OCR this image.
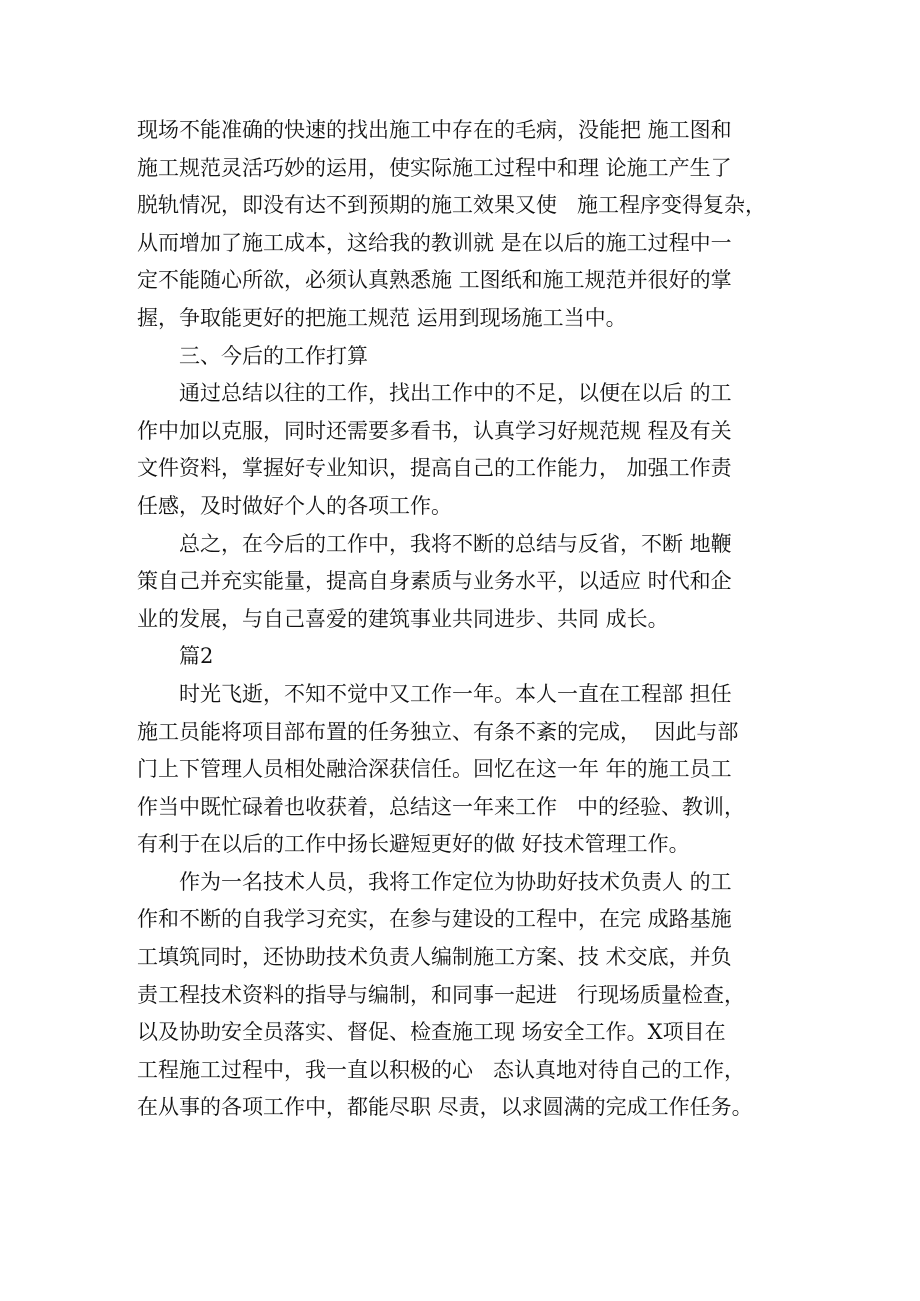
现场不能准确的快速的找出施工中存在的毛病，没能把 施工图和
施工规范灵活巧妙的运用，使实际施工过程中和理 论施工产生了
脱轨情况，即没有达不到预期的施工效果又使   施工程序变得复杂，
从而增加了施工成本，这给我的教训就 是在以后的施工过程中一
定不能随心所欲，必须认真熟悉施 工图纸和施工规范并很好的掌
握，争取能更好的把施工规范 运用到现场施工当中。
三、今后的工作打算
通过总结以往的工作，找出工作中的不足，以便在以后 的工
作中加以克服，同时还需要多看书，认真学习好规范规 程及有关
文件资料，掌握好专业知识，提高自己的工作能力， 加强工作责
任感，及时做好个人的各项工作。
总之，在今后的工作中，我将不断的总结与反省，不断 地鞭
策自己并充实能量，提高自身素质与业务水平，以适应 时代和企
业的发展，与自己喜爱的建筑事业共同进步、共同 成长。
篇2
时光飞逝，不知不觉中又工作一年。本人一直在工程部 担任
施工员能将项目部布置的任务独立、有条不紊的完成，  因此与部
门上下管理人员相处融洽深获信任。回忆在这一年 年的施工员工
作当中既忙碌着也收获着，总结这一年来工作   中的经验、教训，
有利于在以后的工作中扬长避短更好的做 好技术管理工作。
作为一名技术人员，我将工作定位为协助好技术负责人 的工
作和不断的自我学习充实，在参与建设的工程中，在完 成路基施
工填筑同时，还协助技术负责人编制施工方案、技 术交底，并负
责工程技术资料的指导与编制，和同事一起进   行现场质量检查，
以及协助安全员落实、督促、检查施工现 场安全工作。X项目在
工程施工过程中，我一直以积极的心   态认真地对待自己的工作，
在从事的各项工作中，都能尽职 尽责，以求圆满的完成工作任务。
